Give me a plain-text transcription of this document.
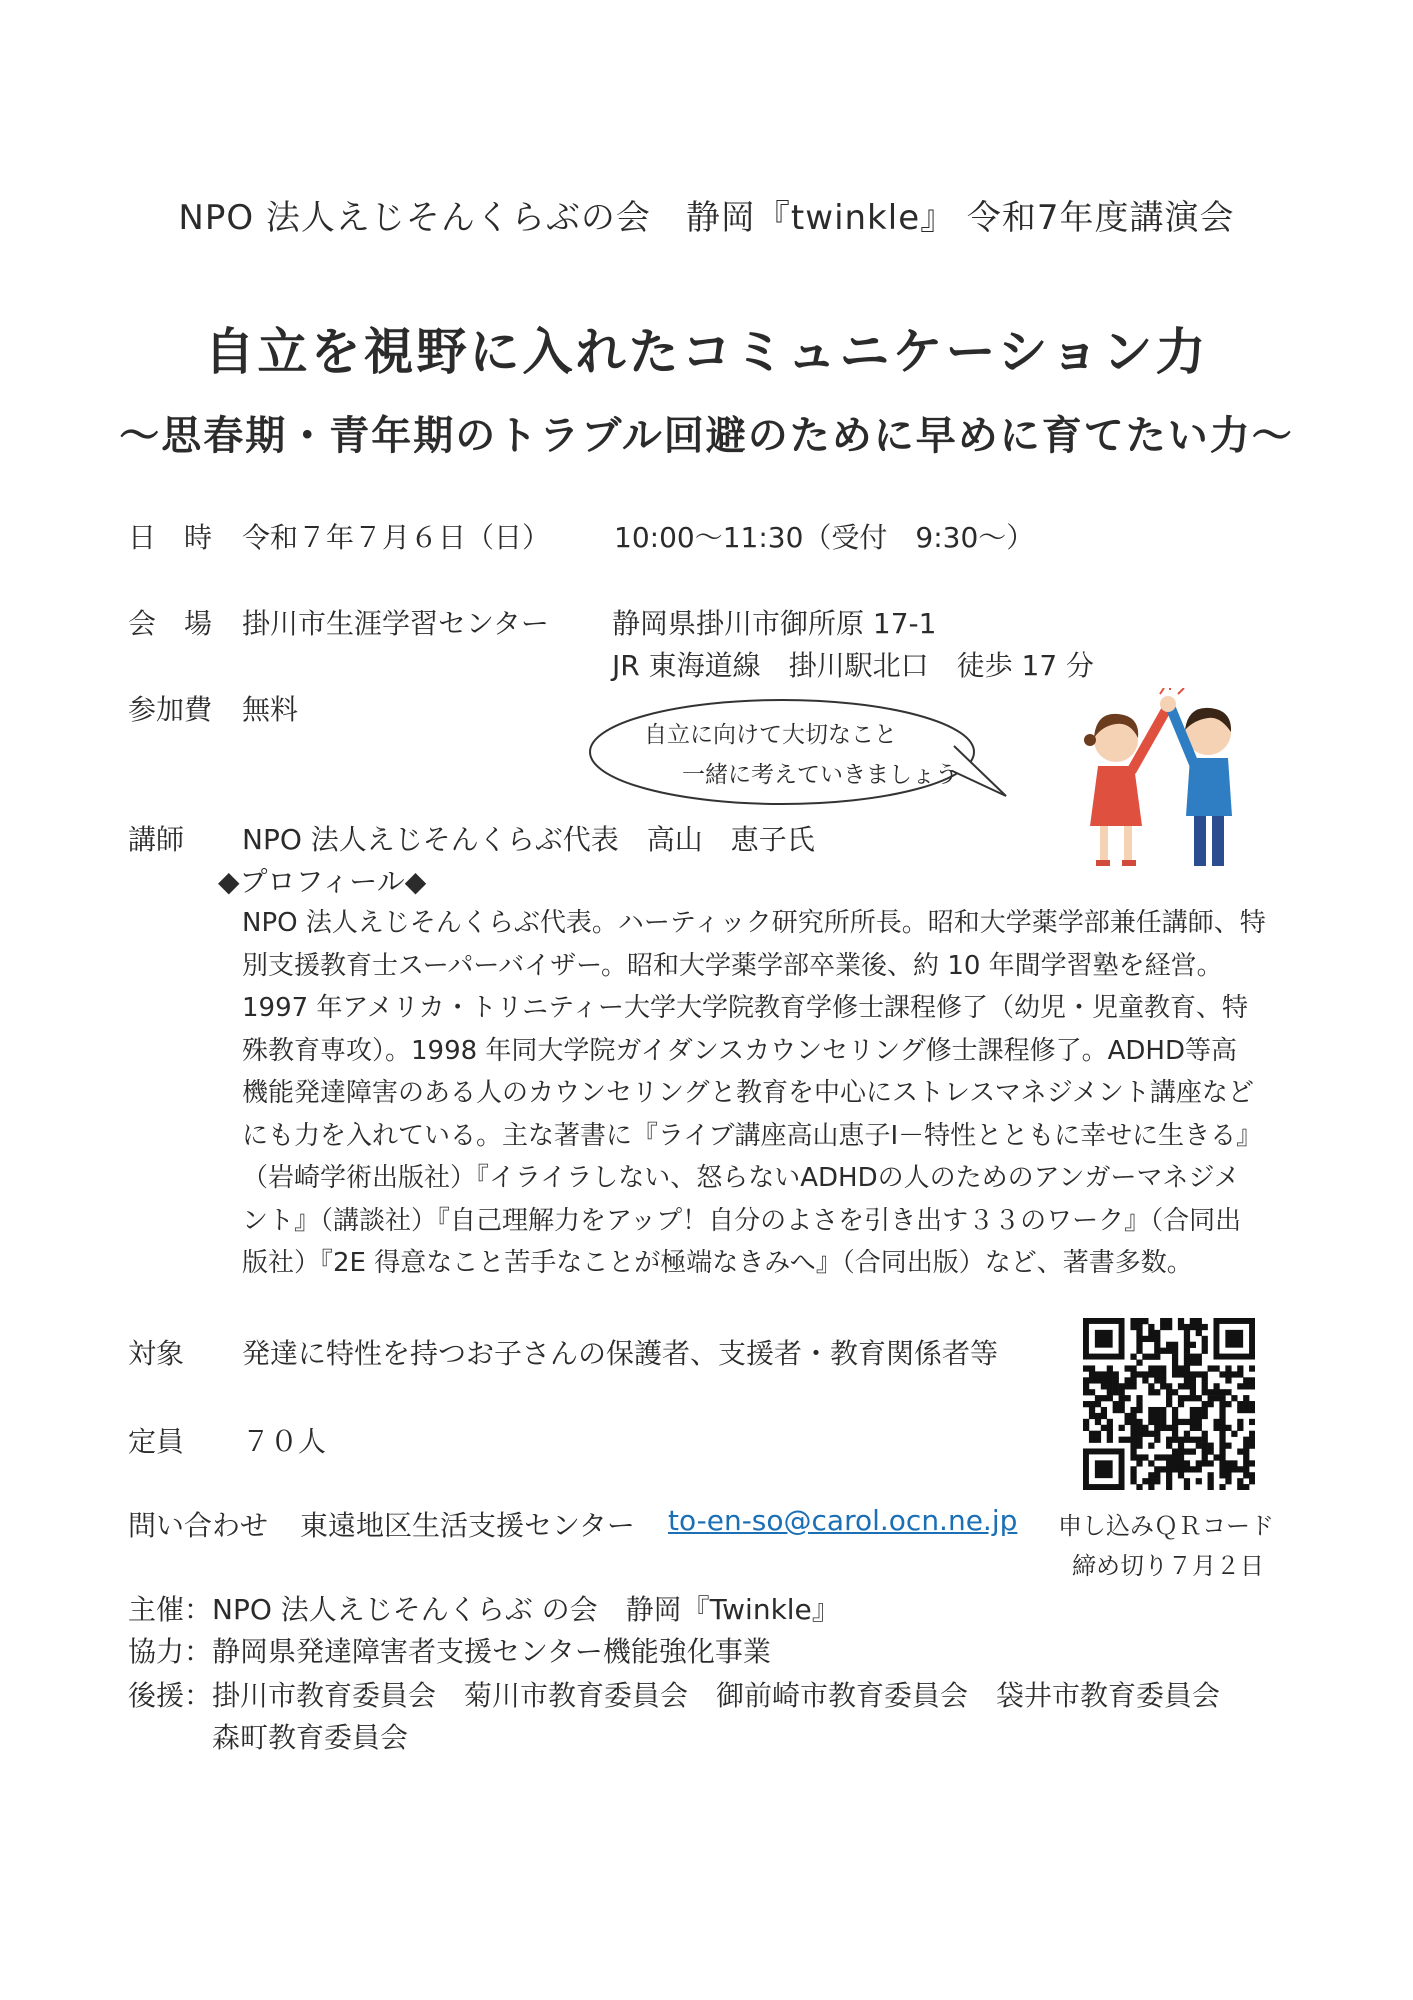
NPO 法人えじそんくらぶの会　静岡『twinkle』 令和7年度講演会
自立を視野に入れたコミュニケーション力
～思春期・青年期のトラブル回避のために早めに育てたい力～
日　時 令和７年７月６日（日） 10:00～11:30（受付　9:30～）
会　場 掛川市生涯学習センター 静岡県掛川市御所原 17-1
JR 東海道線　掛川駅北口　徒歩 17 分
参加費 無料
自立に向けて大切なこと
一緒に考えていきましょう
講師 NPO 法人えじそんくらぶ代表　高山　恵子氏
◆プロフィール◆

NPO 法人えじそんくらぶ代表。ハーティック研究所所長。昭和大学薬学部兼任講師、特

別支援教育士スーパーバイザー。昭和大学薬学部卒業後、約 10 年間学習塾を経営。

1997 年アメリカ・トリニティー大学大学院教育学修士課程修了（幼児・児童教育、特

殊教育専攻）。1998 年同大学院ガイダンスカウンセリング修士課程修了。ADHD等高

機能発達障害のある人のカウンセリングと教育を中心にストレスマネジメント講座など

にも力を入れている。主な著書に『ライブ講座高山恵子Ⅰ－特性とともに幸せに生きる』

（岩崎学術出版社）『イライラしない、怒らないADHDの人のためのアンガーマネジメ

ント』（講談社）『自己理解力をアップ！自分のよさを引き出す３３のワーク』（合同出

版社）『2E 得意なこと苦手なことが極端なきみへ』（合同出版）など、著書多数。

対象 発達に特性を持つお子さんの保護者、支援者・教育関係者等
定員 ７０人
問い合わせ 東遠地区生活支援センター to-en-so@carol.ocn.ne.jp 申し込みＱＲコード
締め切り７月２日
主催： NPO 法人えじそんくらぶ の会　静岡『Twinkle』
協力： 静岡県発達障害者支援センター機能強化事業
後援： 掛川市教育委員会　菊川市教育委員会　御前崎市教育委員会　袋井市教育委員会
森町教育委員会
